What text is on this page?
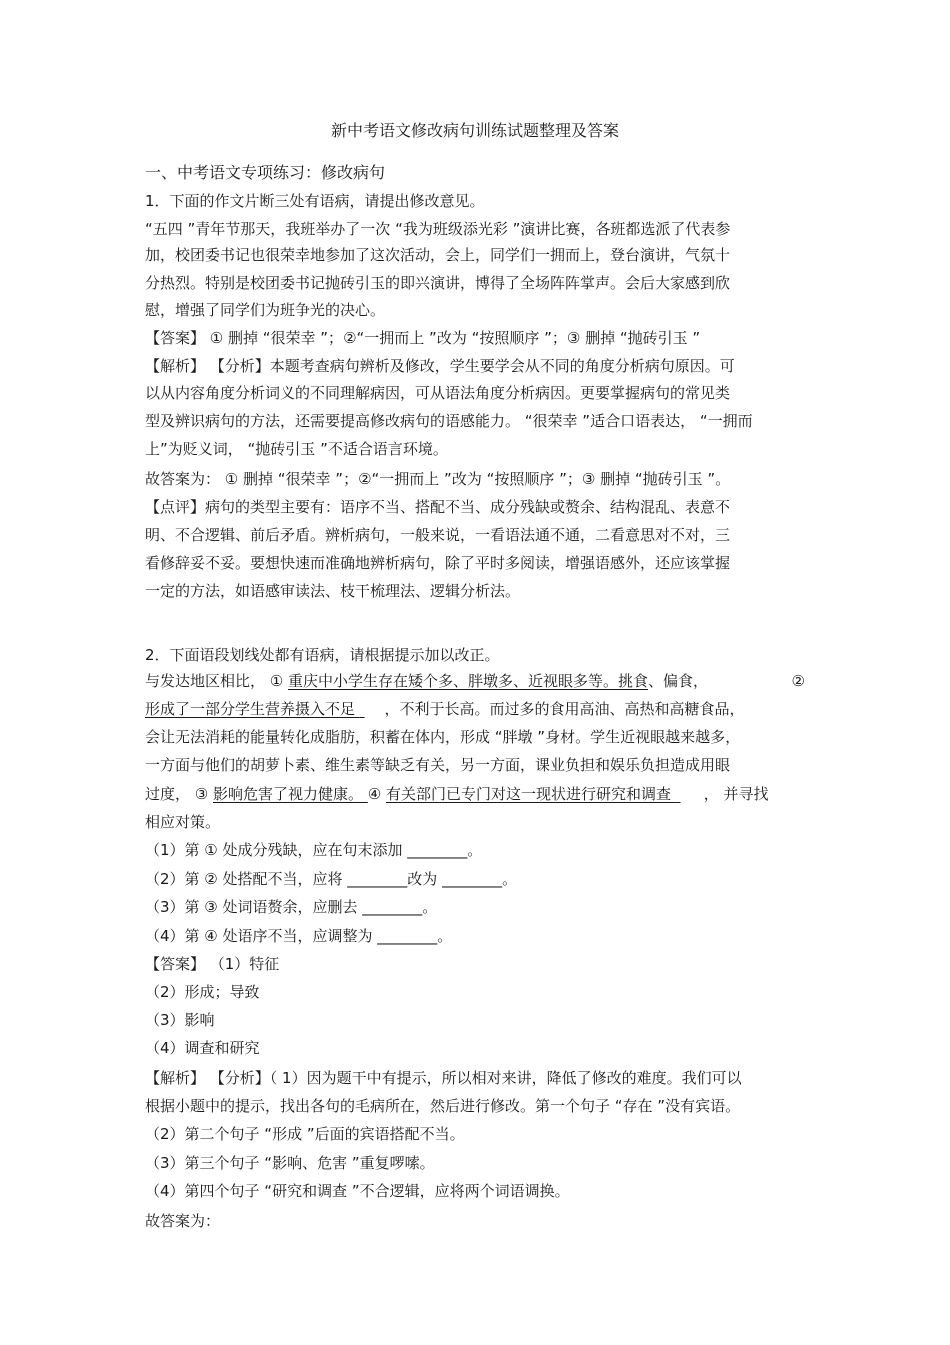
新中考语文修改病句训练试题整理及答案
一、中考语文专项练习：修改病句
1．下面的作文片断三处有语病，请提出修改意见。
“五四 ”青年节那天，我班举办了一次 “我为班级添光彩 ”演讲比赛，各班都选派了代表参
加，校团委书记也很荣幸地参加了这次活动，会上，同学们一拥而上，登台演讲，气氛十
分热烈。特别是校团委书记抛砖引玉的即兴演讲，博得了全场阵阵掌声。会后大家感到欣
慰，增强了同学们为班争光的决心。
【答案】 ① 删掉 “很荣幸 ”；②“一拥而上 ”改为 “按照顺序 ”；③ 删掉 “抛砖引玉 ”
【解析】 【分析】本题考查病句辨析及修改，学生要学会从不同的角度分析病句原因。可
以从内容角度分析词义的不同理解病因，可从语法角度分析病因。更要掌握病句的常见类
型及辨识病句的方法，还需要提高修改病句的语感能力。 “很荣幸 ”适合口语表达， “一拥而
上”为贬义词， “抛砖引玉 ”不适合语言环境。
故答案为： ① 删掉 “很荣幸 ”；②“一拥而上 ”改为 “按照顺序 ”；③ 删掉 “抛砖引玉 ”。
【点评】病句的类型主要有：语序不当、搭配不当、成分残缺或赘余、结构混乱、表意不
明、不合逻辑、前后矛盾。辨析病句，一般来说，一看语法通不通，二看意思对不对，三
看修辞妥不妥。要想快速而准确地辨析病句，除了平时多阅读，增强语感外，还应该掌握
一定的方法，如语感审读法、枝干梳理法、逻辑分析法。
2．下面语段划线处都有语病，请根据提示加以改正。
与发达地区相比， ① 重庆中小学生存在矮个多、胖墩多、近视眼多等。挑食、偏食，	②
形成了一部分学生营养摄入不足   ，不利于长高。而过多的食用高油、高热和高糖食品，
会让无法消耗的能量转化成脂肪，积蓄在体内，形成 “胖墩 ”身材。学生近视眼越来越多，
一方面与他们的胡萝卜素、维生素等缺乏有关，另一方面，课业负担和娱乐负担造成用眼
过度， ③ 影响危害了视力健康。 ④ 有关部门已专门对这一现状进行研究和调查  ， 并寻找
相应对策。
（1）第 ① 处成分残缺，应在句末添加 ________。
（2）第 ② 处搭配不当，应将 ________改为 ________。
（3）第 ③ 处词语赘余，应删去 ________。
（4）第 ④ 处语序不当，应调整为 ________。
【答案】 （1）特征
（2）形成；导致
（3）影响
（4）调查和研究
【解析】 【分析】（ 1）因为题干中有提示，所以相对来讲，降低了修改的难度。我们可以
根据小题中的提示，找出各句的毛病所在，然后进行修改。第一个句子 “存在 ”没有宾语。
（2）第二个句子 “形成 ”后面的宾语搭配不当。
（3）第三个句子 “影响、危害 ”重复啰嗦。
（4）第四个句子 “研究和调查 ”不合逻辑，应将两个词语调换。
故答案为：
